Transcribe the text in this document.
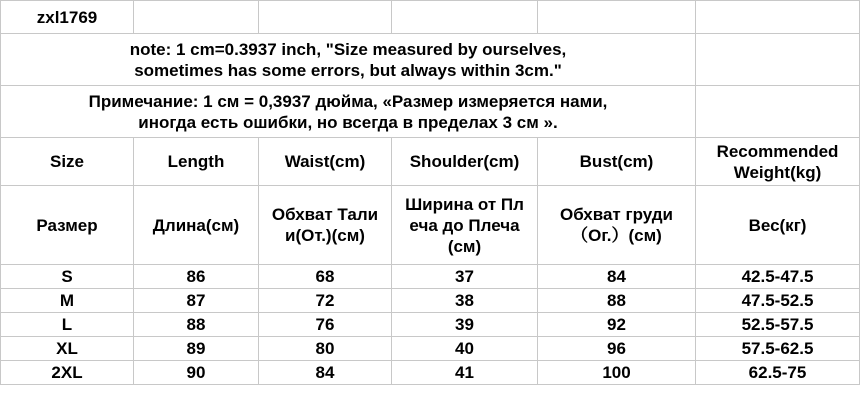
zxl1769					

note: 1 cm=0.3937 inch, "Size measured by ourselves,
sometimes has some errors, but always within 3cm."					

Примечание: 1 см = 0,3937 дюйма, «Размер измеряется нами,
иногда есть ошибки, но всегда в пределах 3 см ».					

Size	Length	Waist(cm)	Shoulder(cm)	Bust(cm)	Recommended Weight(kg)
Размер	Длина(см)	Обхват Тали и(От.)(см)	Ширина от Пл еча до Плеча (см)	Обхват груди （Ог.）(см)	Вес(кг)
S	86	68	37	84	42.5-47.5
M	87	72	38	88	47.5-52.5
L	88	76	39	92	52.5-57.5
XL	89	80	40	96	57.5-62.5
2XL	90	84	41	100	62.5-75
